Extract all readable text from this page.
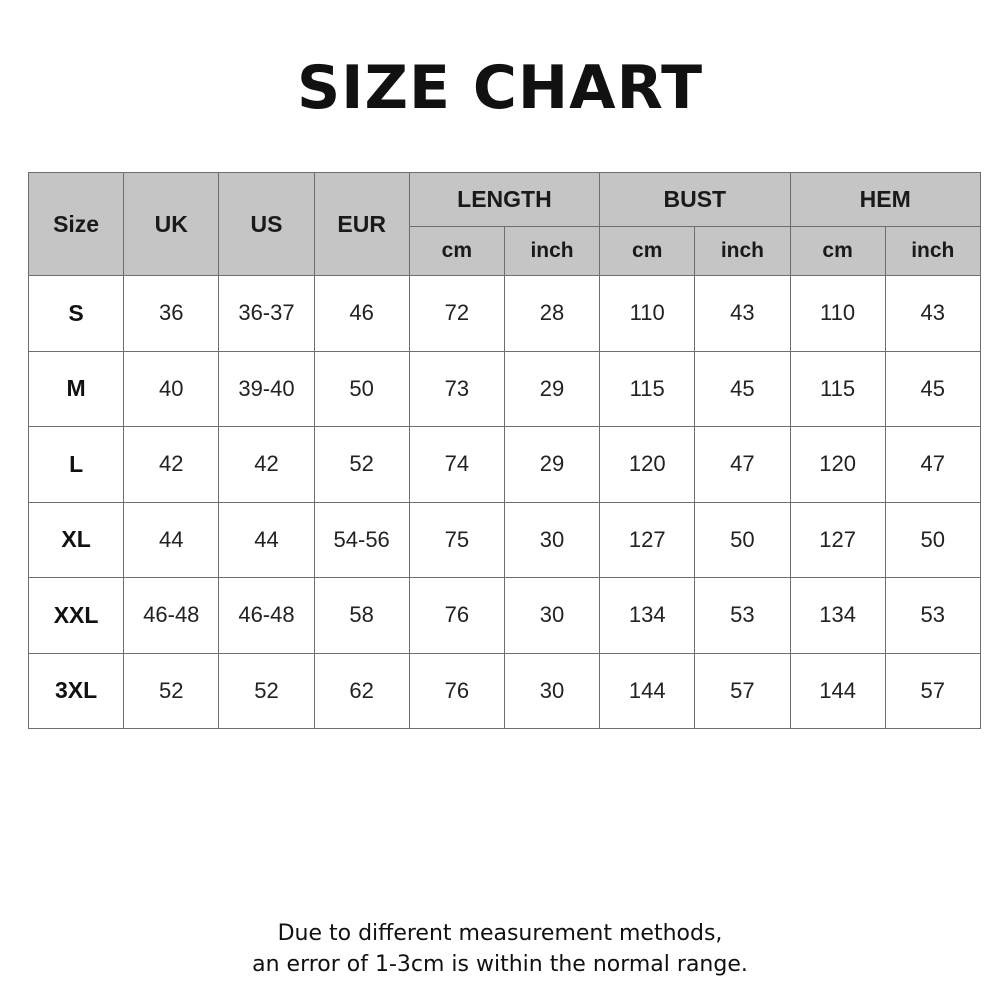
SIZE CHART
Size	UK	US	EUR	LENGTH		BUST		HEM	
				cm	inch	cm	inch	cm	inch
S	36	36-37	46	72	28	110	43	110	43
M	40	39-40	50	73	29	115	45	115	45
L	42	42	52	74	29	120	47	120	47
XL	44	44	54-56	75	30	127	50	127	50
XXL	46-48	46-48	58	76	30	134	53	134	53
3XL	52	52	62	76	30	144	57	144	57
Due to different measurement methods,
an error of 1-3cm is within the normal range.
